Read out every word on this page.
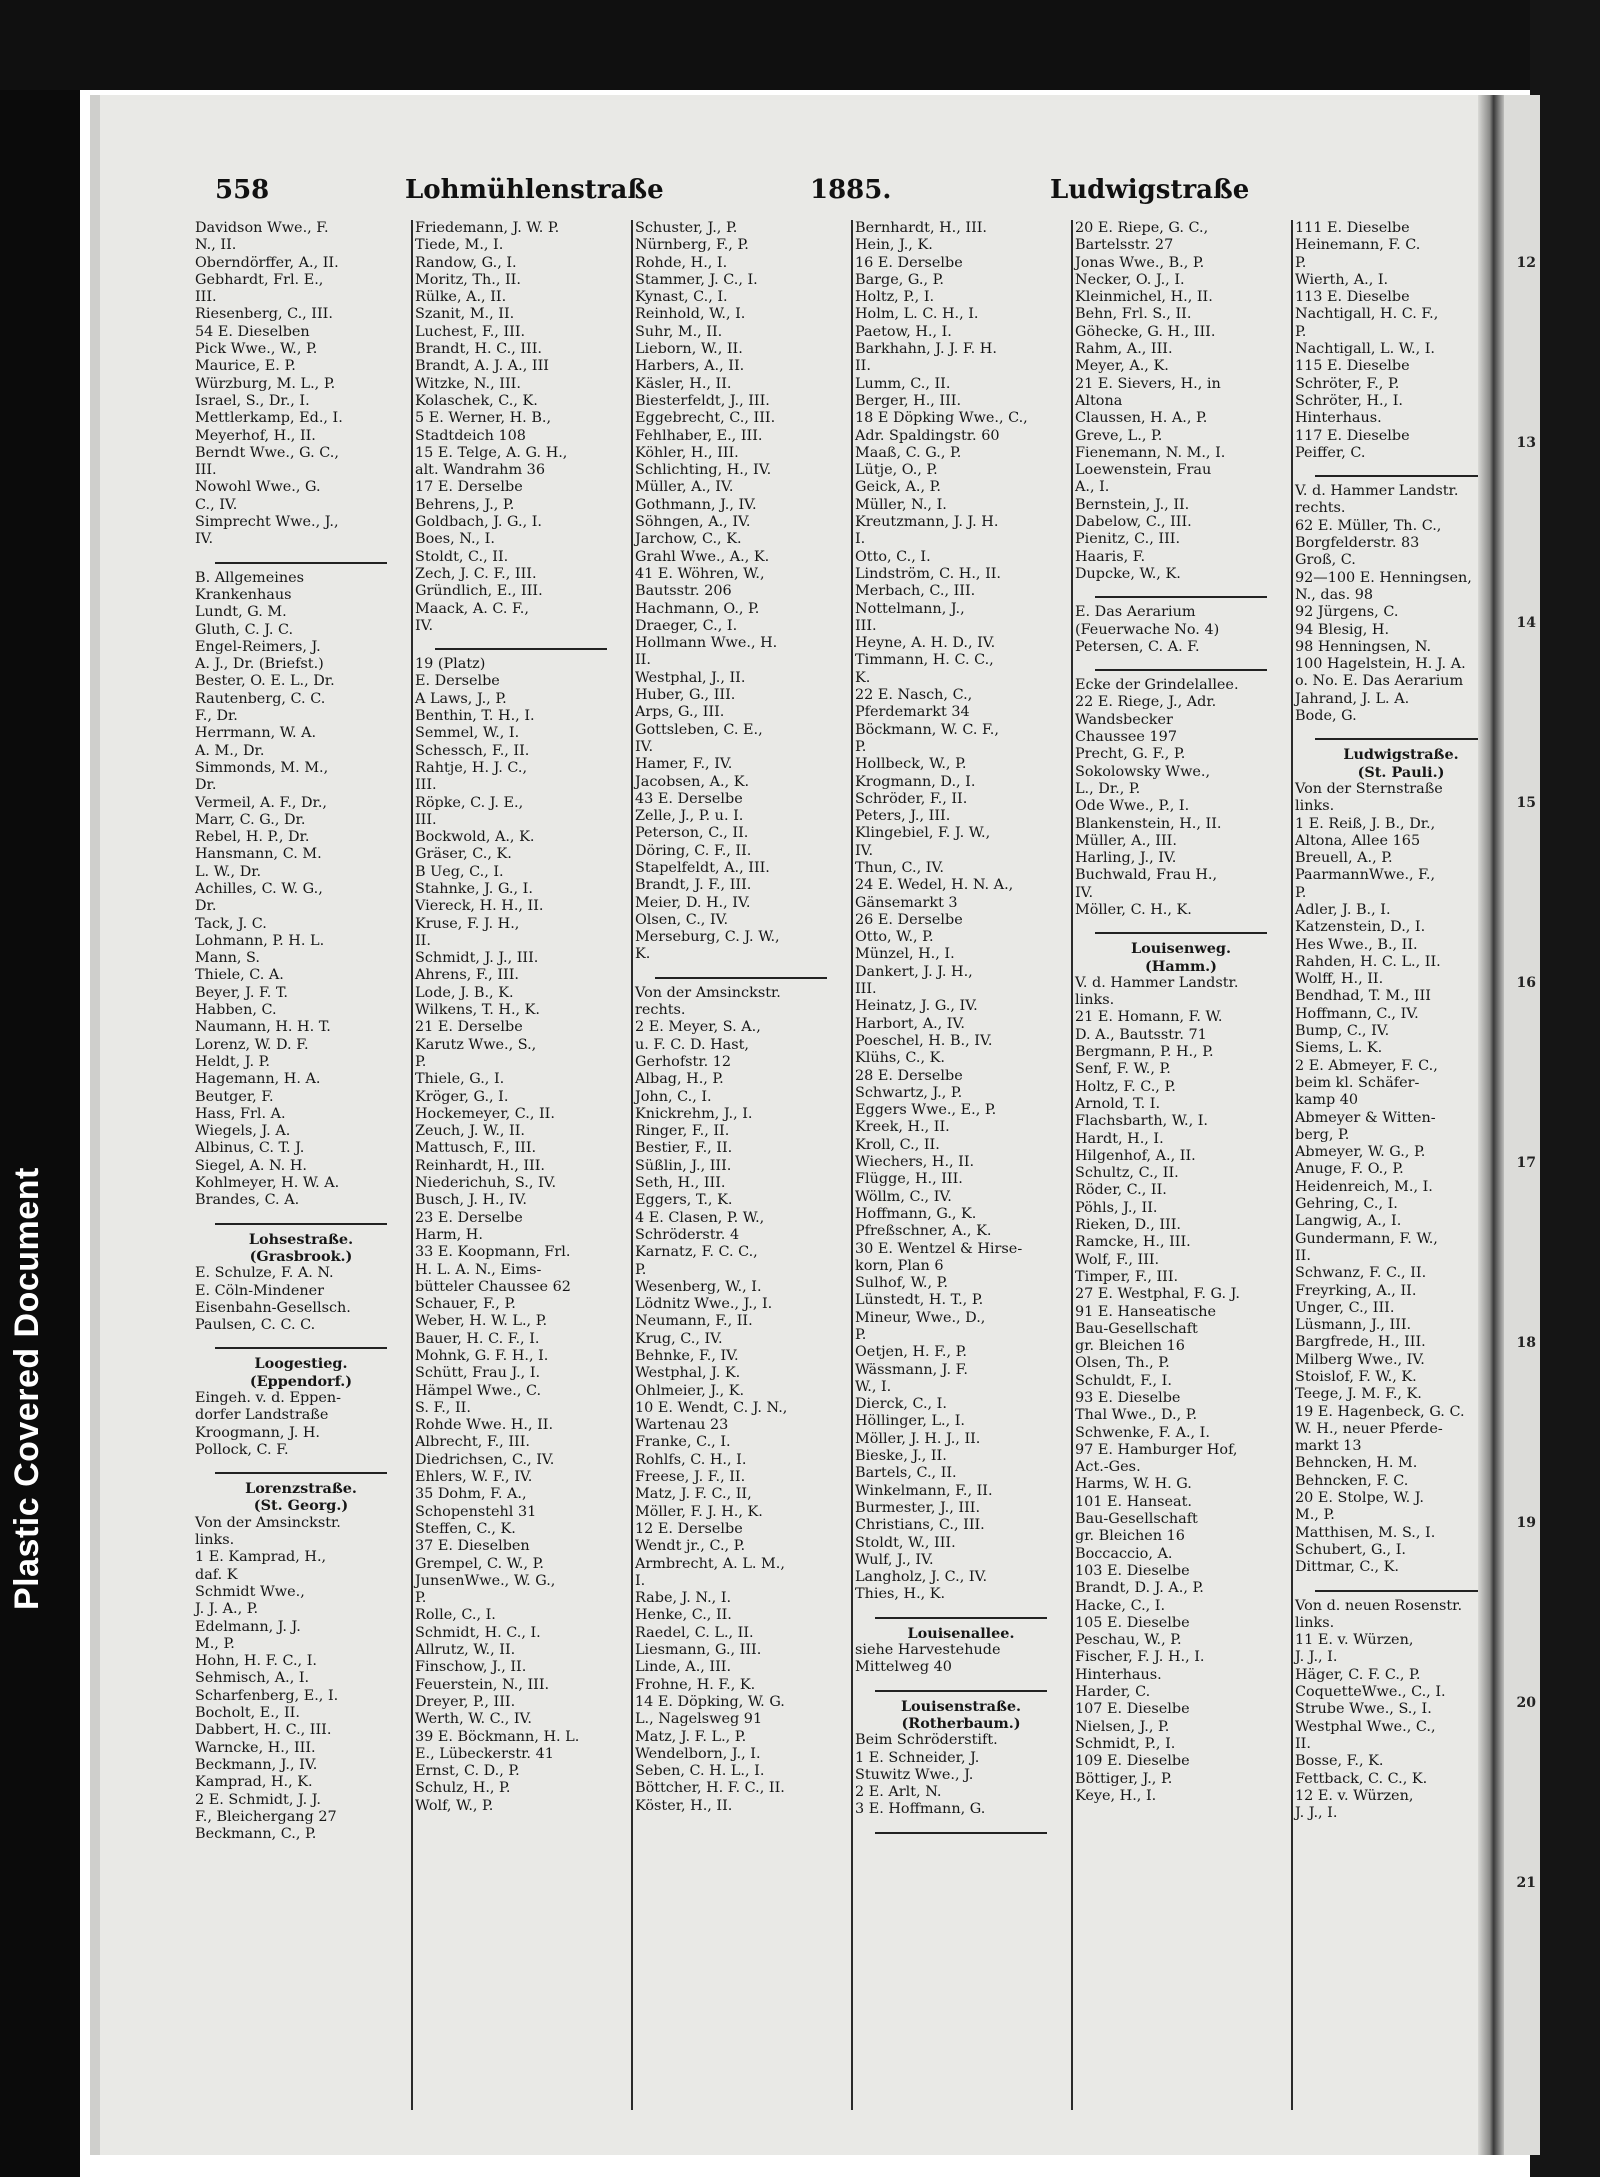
558	Lohmühlenstraße	1885.	Ludwigstraße
Davidson Wwe., F.
N., II.
Oberndörffer, A., II.
Gebhardt, Frl. E.,
III.
Riesenberg, C., III.
54 E. Dieselben
Pick Wwe., W., P.
Maurice, E. P.
Würzburg, M. L., P.
Israel, S., Dr., I.
Mettlerkamp, Ed., I.
Meyerhof, H., II.
Berndt Wwe., G. C.,
III.
Nowohl Wwe., G.
C., IV.
Simprecht Wwe., J.,
IV.
B. Allgemeines
Krankenhaus
Lundt, G. M.
Gluth, C. J. C.
Engel-Reimers, J.
A. J., Dr. (Briefst.)
Bester, O. E. L., Dr.
Rautenberg, C. C.
F., Dr.
Herrmann, W. A.
A. M., Dr.
Simmonds, M. M.,
Dr.
Vermeil, A. F., Dr.,
Marr, C. G., Dr.
Rebel, H. P., Dr.
Hansmann, C. M.
L. W., Dr.
Achilles, C. W. G.,
Dr.
Tack, J. C.
Lohmann, P. H. L.
Mann, S.
Thiele, C. A.
Beyer, J. F. T.
Habben, C.
Naumann, H. H. T.
Lorenz, W. D. F.
Heldt, J. P.
Hagemann, H. A.
Beutger, F.
Hass, Frl. A.
Wiegels, J. A.
Albinus, C. T. J.
Siegel, A. N. H.
Kohlmeyer, H. W. A.
Brandes, C. A.
Lohsestraße.
(Grasbrook.)
E. Schulze, F. A. N.
E. Cöln-Mindener
Eisenbahn-Gesellsch.
Paulsen, C. C. C.
Loogestieg.
(Eppendorf.)
Eingeh. v. d. Eppen-
dorfer Landstraße
Kroogmann, J. H.
Pollock, C. F.
Lorenzstraße.
(St. Georg.)
Von der Amsinckstr.
links.
1 E. Kamprad, H.,
daf. K
Schmidt Wwe.,
J. J. A., P.
Edelmann, J. J.
M., P.
Hohn, H. F. C., I.
Sehmisch, A., I.
Scharfenberg, E., I.
Bocholt, E., II.
Dabbert, H. C., III.
Warncke, H., III.
Beckmann, J., IV.
Kamprad, H., K.
2 E. Schmidt, J. J.
F., Bleichergang 27
Beckmann, C., P.
Friedemann, J. W. P.
Tiede, M., I.
Randow, G., I.
Moritz, Th., II.
Rülke, A., II.
Szanit, M., II.
Luchest, F., III.
Brandt, H. C., III.
Brandt, A. J. A., III
Witzke, N., III.
Kolaschek, C., K.
5 E. Werner, H. B.,
Stadtdeich 108
15 E. Telge, A. G. H.,
alt. Wandrahm 36
17 E. Derselbe
Behrens, J., P.
Goldbach, J. G., I.
Boes, N., I.
Stoldt, C., II.
Zech, J. C. F., III.
Gründlich, E., III.
Maack, A. C. F.,
IV.
19 (Platz)
E. Derselbe
A Laws, J., P.
Benthin, T. H., I.
Semmel, W., I.
Schessch, F., II.
Rahtje, H. J. C.,
III.
Röpke, C. J. E.,
III.
Bockwold, A., K.
Gräser, C., K.
B Ueg, C., I.
Stahnke, J. G., I.
Viereck, H. H., II.
Kruse, F. J. H.,
II.
Schmidt, J. J., III.
Ahrens, F., III.
Lode, J. B., K.
Wilkens, T. H., K.
21 E. Derselbe
Karutz Wwe., S.,
P.
Thiele, G., I.
Kröger, G., I.
Hockemeyer, C., II.
Zeuch, J. W., II.
Mattusch, F., III.
Reinhardt, H., III.
Niederichuh, S., IV.
Busch, J. H., IV.
23 E. Derselbe
Harm, H.
33 E. Koopmann, Frl.
H. L. A. N., Eims-
bütteler Chaussee 62
Schauer, F., P.
Weber, H. W. L., P.
Bauer, H. C. F., I.
Mohnk, G. F. H., I.
Schütt, Frau J., I.
Hämpel Wwe., C.
S. F., II.
Rohde Wwe. H., II.
Albrecht, F., III.
Diedrichsen, C., IV.
Ehlers, W. F., IV.
35 Dohm, F. A.,
Schopenstehl 31
Steffen, C., K.
37 E. Dieselben
Grempel, C. W., P.
JunsenWwe., W. G.,
P.
Rolle, C., I.
Schmidt, H. C., I.
Allrutz, W., II.
Finschow, J., II.
Feuerstein, N., III.
Dreyer, P., III.
Werth, W. C., IV.
39 E. Böckmann, H. L.
E., Lübeckerstr. 41
Ernst, C. D., P.
Schulz, H., P.
Wolf, W., P.
Schuster, J., P.
Nürnberg, F., P.
Rohde, H., I.
Stammer, J. C., I.
Kynast, C., I.
Reinhold, W., I.
Suhr, M., II.
Lieborn, W., II.
Harbers, A., II.
Käsler, H., II.
Biesterfeldt, J., III.
Eggebrecht, C., III.
Fehlhaber, E., III.
Köhler, H., III.
Schlichting, H., IV.
Müller, A., IV.
Gothmann, J., IV.
Söhngen, A., IV.
Jarchow, C., K.
Grahl Wwe., A., K.
41 E. Wöhren, W.,
Bautsstr. 206
Hachmann, O., P.
Draeger, C., I.
Hollmann Wwe., H.
II.
Westphal, J., II.
Huber, G., III.
Arps, G., III.
Gottsleben, C. E.,
IV.
Hamer, F., IV.
Jacobsen, A., K.
43 E. Derselbe
Zelle, J., P. u. I.
Peterson, C., II.
Döring, C. F., II.
Stapelfeldt, A., III.
Brandt, J. F., III.
Meier, D. H., IV.
Olsen, C., IV.
Merseburg, C. J. W.,
K.
Von der Amsinckstr.
rechts.
2 E. Meyer, S. A.,
u. F. C. D. Hast,
Gerhofstr. 12
Albag, H., P.
John, C., I.
Knickrehm, J., I.
Ringer, F., II.
Bestier, F., II.
Süßlin, J., III.
Seth, H., III.
Eggers, T., K.
4 E. Clasen, P. W.,
Schröderstr. 4
Karnatz, F. C. C.,
P.
Wesenberg, W., I.
Lödnitz Wwe., J., I.
Neumann, F., II.
Krug, C., IV.
Behnke, F., IV.
Westphal, J. K.
Ohlmeier, J., K.
10 E. Wendt, C. J. N.,
Wartenau 23
Franke, C., I.
Rohlfs, C. H., I.
Freese, J. F., II.
Matz, J. F. C., II,
Möller, F. J. H., K.
12 E. Derselbe
Wendt jr., C., P.
Armbrecht, A. L. M.,
I.
Rabe, J. N., I.
Henke, C., II.
Raedel, C. L., II.
Liesmann, G., III.
Linde, A., III.
Frohne, H. F., K.
14 E. Döpking, W. G.
L., Nagelsweg 91
Matz, J. F. L., P.
Wendelborn, J., I.
Seben, C. H. L., I.
Böttcher, H. F. C., II.
Köster, H., II.
Bernhardt, H., III.
Hein, J., K.
16 E. Derselbe
Barge, G., P.
Holtz, P., I.
Holm, L. C. H., I.
Paetow, H., I.
Barkhahn, J. J. F. H.
II.
Lumm, C., II.
Berger, H., III.
18 E Döpking Wwe., C.,
Adr. Spaldingstr. 60
Maaß, C. G., P.
Lütje, O., P.
Geick, A., P.
Müller, N., I.
Kreutzmann, J. J. H.
I.
Otto, C., I.
Lindström, C. H., II.
Merbach, C., III.
Nottelmann, J.,
III.
Heyne, A. H. D., IV.
Timmann, H. C. C.,
K.
22 E. Nasch, C.,
Pferdemarkt 34
Böckmann, W. C. F.,
P.
Hollbeck, W., P.
Krogmann, D., I.
Schröder, F., II.
Peters, J., III.
Klingebiel, F. J. W.,
IV.
Thun, C., IV.
24 E. Wedel, H. N. A.,
Gänsemarkt 3
26 E. Derselbe
Otto, W., P.
Münzel, H., I.
Dankert, J. J. H.,
III.
Heinatz, J. G., IV.
Harbort, A., IV.
Poeschel, H. B., IV.
Klühs, C., K.
28 E. Derselbe
Schwartz, J., P.
Eggers Wwe., E., P.
Kreek, H., II.
Kroll, C., II.
Wiechers, H., II.
Flügge, H., III.
Wöllm, C., IV.
Hoffmann, G., K.
Pfreßschner, A., K.
30 E. Wentzel & Hirse-
korn, Plan 6
Sulhof, W., P.
Lünstedt, H. T., P.
Mineur, Wwe., D.,
P.
Oetjen, H. F., P.
Wässmann, J. F.
W., I.
Dierck, C., I.
Höllinger, L., I.
Möller, J. H. J., II.
Bieske, J., II.
Bartels, C., II.
Winkelmann, F., II.
Burmester, J., III.
Christians, C., III.
Stoldt, W., III.
Wulf, J., IV.
Langholz, J. C., IV.
Thies, H., K.
Louisenallee.
siehe Harvestehude
Mittelweg 40
Louisenstraße.
(Rotherbaum.)
Beim Schröderstift.
1 E. Schneider, J.
Stuwitz Wwe., J.
2 E. Arlt, N.
3 E. Hoffmann, G.
20 E. Riepe, G. C.,
Bartelsstr. 27
Jonas Wwe., B., P.
Necker, O. J., I.
Kleinmichel, H., II.
Behn, Frl. S., II.
Göhecke, G. H., III.
Rahm, A., III.
Meyer, A., K.
21 E. Sievers, H., in
Altona
Claussen, H. A., P.
Greve, L., P.
Fienemann, N. M., I.
Loewenstein, Frau
A., I.
Bernstein, J., II.
Dabelow, C., III.
Pienitz, C., III.
Haaris, F.
Dupcke, W., K.
E. Das Aerarium
(Feuerwache No. 4)
Petersen, C. A. F.
Ecke der Grindelallee.
22 E. Riege, J., Adr.
Wandsbecker
Chaussee 197
Precht, G. F., P.
Sokolowsky Wwe.,
L., Dr., P.
Ode Wwe., P., I.
Blankenstein, H., II.
Müller, A., III.
Harling, J., IV.
Buchwald, Frau H.,
IV.
Möller, C. H., K.
Louisenweg.
(Hamm.)
V. d. Hammer Landstr.
links.
21 E. Homann, F. W.
D. A., Bautsstr. 71
Bergmann, P. H., P.
Senf, F. W., P.
Holtz, F. C., P.
Arnold, T. I.
Flachsbarth, W., I.
Hardt, H., I.
Hilgenhof, A., II.
Schultz, C., II.
Röder, C., II.
Pöhls, J., II.
Rieken, D., III.
Ramcke, H., III.
Wolf, F., III.
Timper, F., III.
27 E. Westphal, F. G. J.
91 E. Hanseatische
Bau-Gesellschaft
gr. Bleichen 16
Olsen, Th., P.
Schuldt, F., I.
93 E. Dieselbe
Thal Wwe., D., P.
Schwenke, F. A., I.
97 E. Hamburger Hof,
Act.-Ges.
Harms, W. H. G.
101 E. Hanseat.
Bau-Gesellschaft
gr. Bleichen 16
Boccaccio, A.
103 E. Dieselbe
Brandt, D. J. A., P.
Hacke, C., I.
105 E. Dieselbe
Peschau, W., P.
Fischer, F. J. H., I.
Hinterhaus.
Harder, C.
107 E. Dieselbe
Nielsen, J., P.
Schmidt, P., I.
109 E. Dieselbe
Böttiger, J., P.
Keye, H., I.
111 E. Dieselbe
Heinemann, F. C.
P.
Wierth, A., I.
113 E. Dieselbe
Nachtigall, H. C. F.,
P.
Nachtigall, L. W., I.
115 E. Dieselbe
Schröter, F., P.
Schröter, H., I.
Hinterhaus.
117 E. Dieselbe
Peiffer, C.
V. d. Hammer Landstr.
rechts.
62 E. Müller, Th. C.,
Borgfelderstr. 83
Groß, C.
92—100 E. Henningsen,
N., das. 98
92 Jürgens, C.
94 Blesig, H.
98 Henningsen, N.
100 Hagelstein, H. J. A.
o. No. E. Das Aerarium
Jahrand, J. L. A.
Bode, G.
Ludwigstraße.
(St. Pauli.)
Von der Sternstraße
links.
1 E. Reiß, J. B., Dr.,
Altona, Allee 165
Breuell, A., P.
PaarmannWwe., F.,
P.
Adler, J. B., I.
Katzenstein, D., I.
Hes Wwe., B., II.
Rahden, H. C. L., II.
Wolff, H., II.
Bendhad, T. M., III
Hoffmann, C., IV.
Bump, C., IV.
Siems, L. K.
2 E. Abmeyer, F. C.,
beim kl. Schäfer-
kamp 40
Abmeyer & Witten-
berg, P.
Abmeyer, W. G., P.
Anuge, F. O., P.
Heidenreich, M., I.
Gehring, C., I.
Langwig, A., I.
Gundermann, F. W.,
II.
Schwanz, F. C., II.
Freyrking, A., II.
Unger, C., III.
Lüsmann, J., III.
Bargfrede, H., III.
Milberg Wwe., IV.
Stoislof, F. W., K.
Teege, J. M. F., K.
19 E. Hagenbeck, G. C.
W. H., neuer Pferde-
markt 13
Behncken, H. M.
Behncken, F. C.
20 E. Stolpe, W. J.
M., P.
Matthisen, M. S., I.
Schubert, G., I.
Dittmar, C., K.
Von d. neuen Rosenstr.
links.
11 E. v. Würzen,
J. J., I.
Häger, C. F. C., P.
CoquetteWwe., C., I.
Strube Wwe., S., I.
Westphal Wwe., C.,
II.
Bosse, F., K.
Fettback, C. C., K.
12 E. v. Würzen,
J. J., I.
12
13
14
15
16
17
18
19
20
21
Plastic Covered Document
